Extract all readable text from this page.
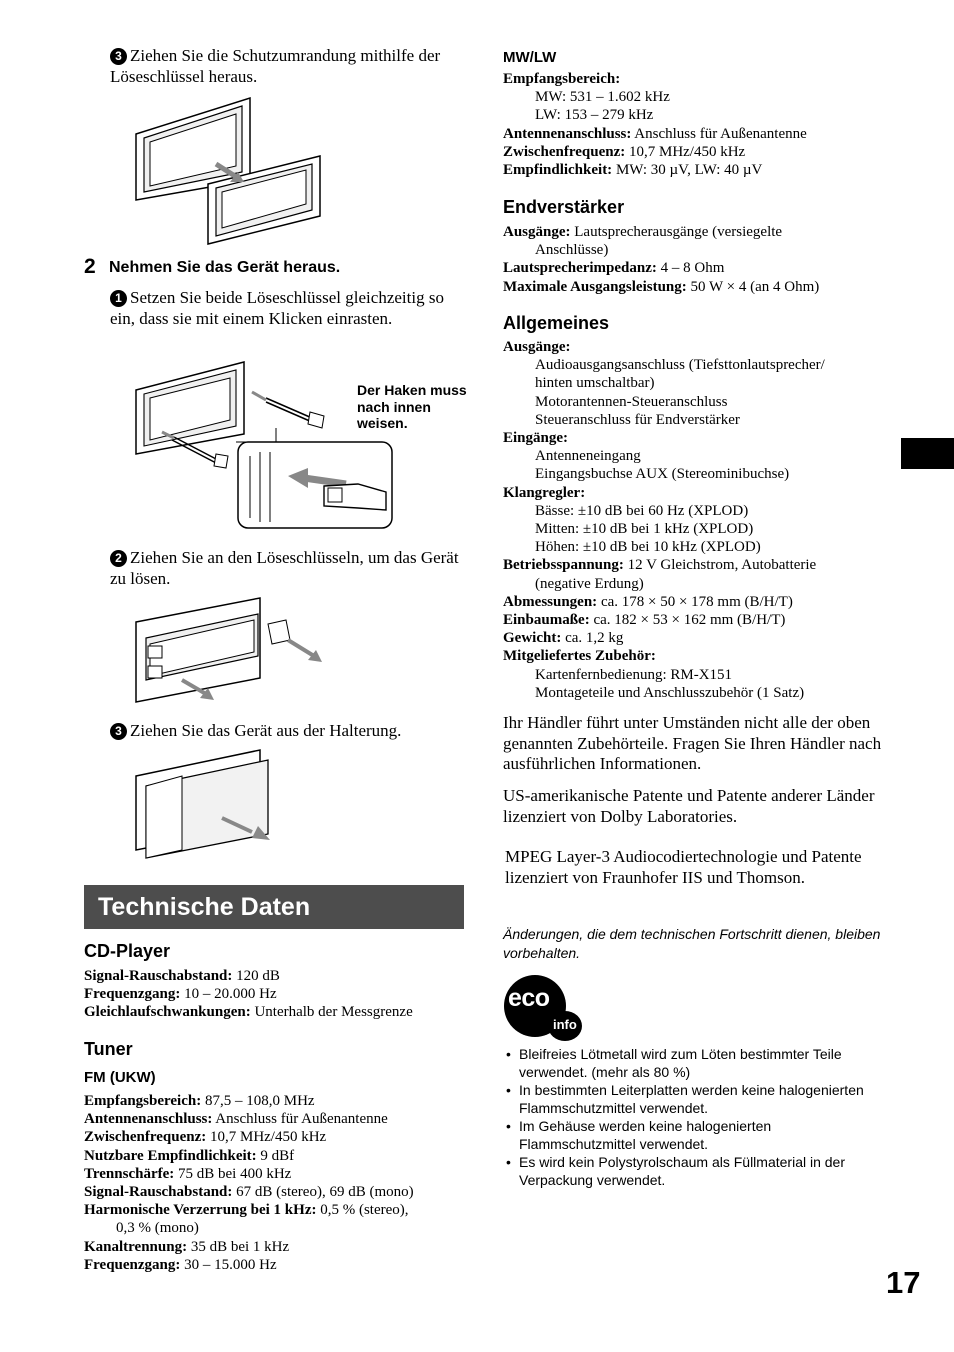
3 Ziehen Sie die Schutzumrandung mithilfe der Löseschlüssel heraus.
2 Nehmen Sie das Gerät heraus.
1 Setzen Sie beide Löseschlüssel gleichzeitig so ein, dass sie mit einem Klicken einrasten.
Der Haken muss nach innen weisen.
2 Ziehen Sie an den Löseschlüsseln, um das Gerät zu lösen.
3 Ziehen Sie das Gerät aus der Halterung.
Technische Daten
CD-Player
Signal-Rauschabstand: 120 dB
Frequenzgang: 10 – 20.000 Hz
Gleichlaufschwankungen: Unterhalb der Messgrenze
Tuner
FM (UKW)
Empfangsbereich: 87,5 – 108,0 MHz
Antennenanschluss: Anschluss für Außenantenne
Zwischenfrequenz: 10,7 MHz/450 kHz
Nutzbare Empfindlichkeit: 9 dBf
Trennschärfe: 75 dB bei 400 kHz
Signal-Rauschabstand: 67 dB (stereo), 69 dB (mono)
Harmonische Verzerrung bei 1 kHz: 0,5 % (stereo),
0,3 % (mono)
Kanaltrennung: 35 dB bei 1 kHz
Frequenzgang: 30 – 15.000 Hz
MW/LW
Empfangsbereich:
MW: 531 – 1.602 kHz
LW: 153 – 279 kHz
Antennenanschluss: Anschluss für Außenantenne
Zwischenfrequenz: 10,7 MHz/450 kHz
Empfindlichkeit: MW: 30 µV, LW: 40 µV
Endverstärker
Ausgänge: Lautsprecherausgänge (versiegelte
Anschlüsse)
Lautsprecherimpedanz: 4 – 8 Ohm
Maximale Ausgangsleistung: 50 W × 4 (an 4 Ohm)
Allgemeines
Ausgänge:
Audioausgangsanschluss (Tiefsttonlautsprecher/
hinten umschaltbar)
Motorantennen-Steueranschluss
Steueranschluss für Endverstärker
Eingänge:
Antenneneingang
Eingangsbuchse AUX (Stereominibuchse)
Klangregler:
Bässe: ±10 dB bei 60 Hz (XPLOD)
Mitten: ±10 dB bei 1 kHz (XPLOD)
Höhen: ±10 dB bei 10 kHz (XPLOD)
Betriebsspannung: 12 V Gleichstrom, Autobatterie
(negative Erdung)
Abmessungen: ca. 178 × 50 × 178 mm (B/H/T)
Einbaumaße: ca. 182 × 53 × 162 mm (B/H/T)
Gewicht: ca. 1,2 kg
Mitgeliefertes Zubehör:
Kartenfernbedienung: RM-X151
Montageteile und Anschlusszubehör (1 Satz)
Ihr Händler führt unter Umständen nicht alle der oben genannten Zubehörteile. Fragen Sie Ihren Händler nach ausführlichen Informationen.
US-amerikanische Patente und Patente anderer Länder lizenziert von Dolby Laboratories.
MPEG Layer-3 Audiocodiertechnologie und Patente lizenziert von Fraunhofer IIS und Thomson.
Änderungen, die dem technischen Fortschritt dienen, bleiben vorbehalten.
eco
info
• Bleifreies Lötmetall wird zum Löten bestimmter Teile verwendet. (mehr als 80 %)
• In bestimmten Leiterplatten werden keine halogenierten Flammschutzmittel verwendet.
• Im Gehäuse werden keine halogenierten Flammschutzmittel verwendet.
• Es wird kein Polystyrolschaum als Füllmaterial in der Verpackung verwendet.
17
